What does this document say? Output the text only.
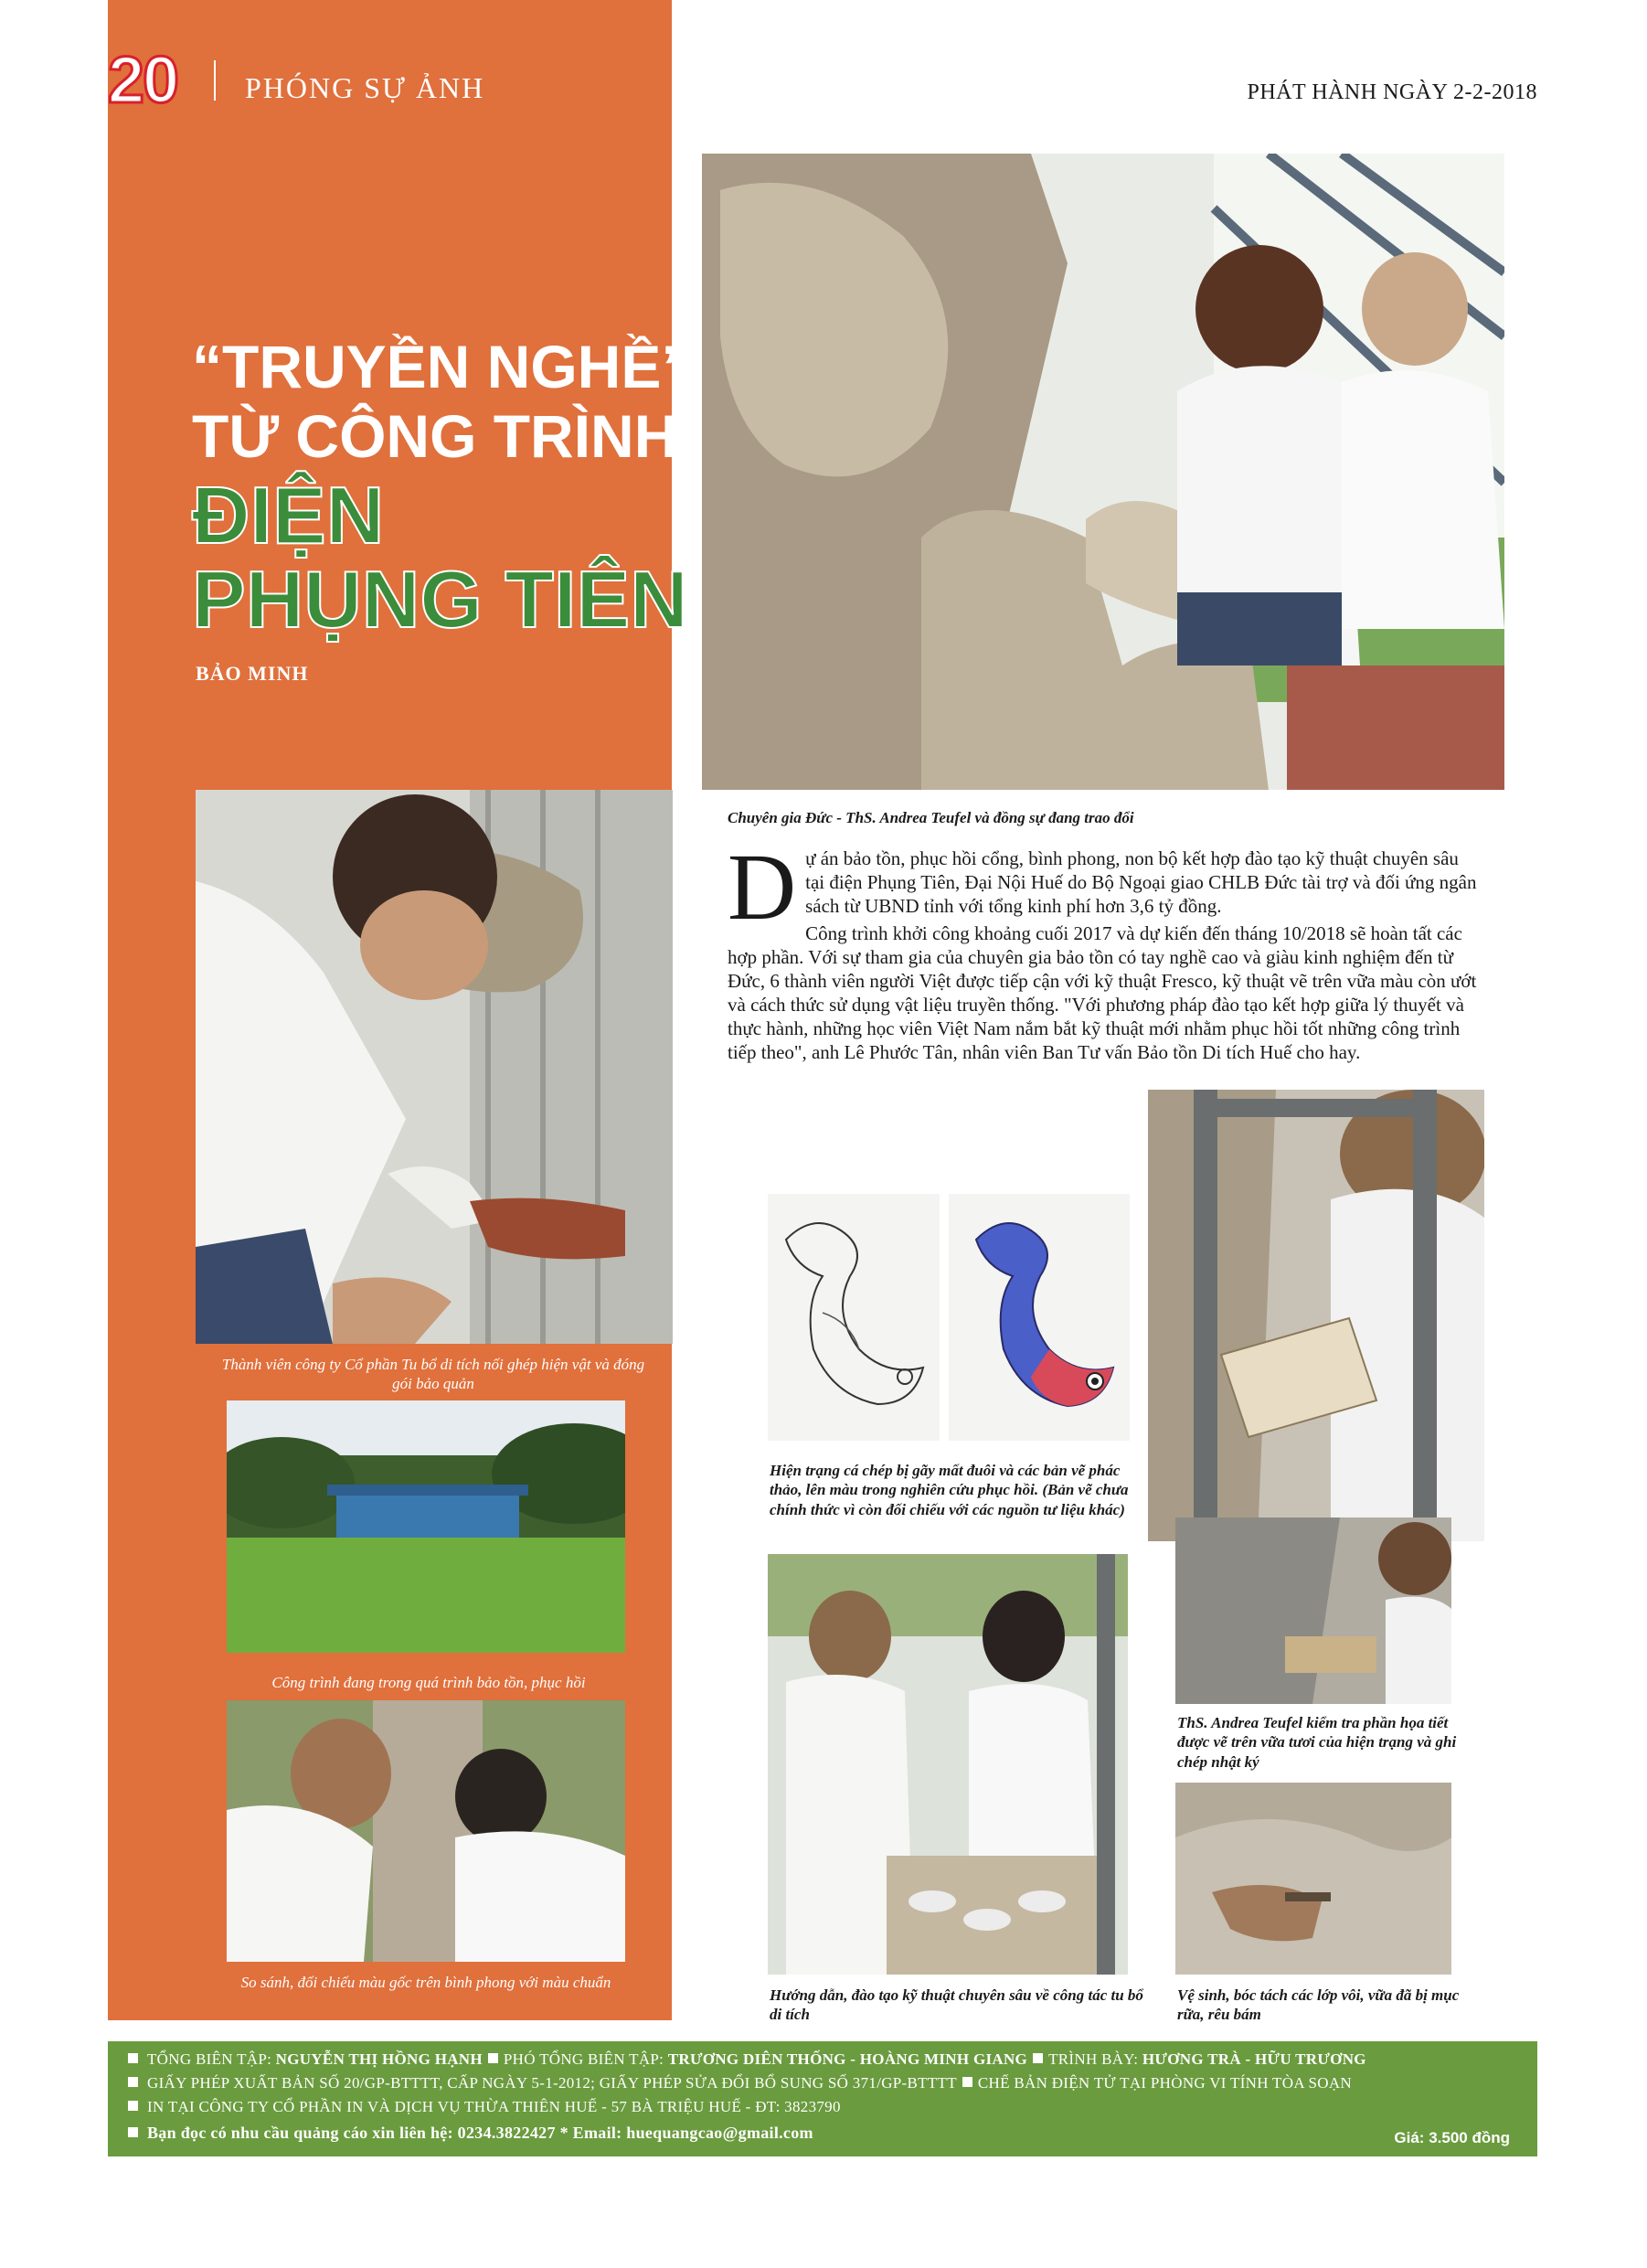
20 PHÓNG SỰ ẢNH	PHÁT HÀNH NGÀY 2-2-2018
“TRUYỀN NGHỀ”
TỪ CÔNG TRÌNH
ĐIỆN
PHỤNG TIÊN
BẢO MINH
Chuyên gia Đức - ThS. Andrea Teufel và đồng sự đang trao đổi

Dự án bảo tồn, phục hồi cổng, bình phong, non bộ kết hợp đào tạo kỹ thuật chuyên sâu tại điện Phụng Tiên, Đại Nội Huế do Bộ Ngoại giao CHLB Đức tài trợ và đối ứng ngân sách từ UBND tỉnh với tổng kinh phí hơn 3,6 tỷ đồng.

Công trình khởi công khoảng cuối 2017 và dự kiến đến tháng 10/2018 sẽ hoàn tất các hợp phần. Với sự tham gia của chuyên gia bảo tồn có tay nghề cao và giàu kinh nghiệm đến từ Đức, 6 thành viên người Việt được tiếp cận với kỹ thuật Fresco, kỹ thuật vẽ trên vữa màu còn ướt và cách thức sử dụng vật liệu truyền thống. "Với phương pháp đào tạo kết hợp giữa lý thuyết và thực hành, những học viên Việt Nam nắm bắt kỹ thuật mới nhằm phục hồi tốt những công trình tiếp theo", anh Lê Phước Tân, nhân viên Ban Tư vấn Bảo tồn Di tích Huế cho hay.

Thành viên công ty Cổ phần Tu bổ di tích nối ghép hiện vật và đóng gói bảo quản
Công trình đang trong quá trình bảo tồn, phục hồi
So sánh, đối chiếu màu gốc trên bình phong với màu chuẩn
Hiện trạng cá chép bị gãy mất đuôi và các bản vẽ phác thảo, lên màu trong nghiên cứu phục hồi. (Bản vẽ chưa chính thức vì còn đối chiếu với các nguồn tư liệu khác)
Hướng dẫn, đào tạo kỹ thuật chuyên sâu về công tác tu bổ di tích
ThS. Andrea Teufel kiểm tra phần họa tiết được vẽ trên vữa tươi của hiện trạng và ghi chép nhật ký
Vệ sinh, bóc tách các lớp vôi, vữa đã bị mục rữa, rêu bám
TỔNG BIÊN TẬP: NGUYỄN THỊ HỒNG HẠNH PHÓ TỔNG BIÊN TẬP: TRƯƠNG DIÊN THỐNG - HOÀNG MINH GIANG TRÌNH BÀY: HƯƠNG TRÀ - HỮU TRƯƠNG
GIẤY PHÉP XUẤT BẢN SỐ 20/GP-BTTTT, CẤP NGÀY 5-1-2012; GIẤY PHÉP SỬA ĐỔI BỔ SUNG SỐ 371/GP-BTTTT CHẾ BẢN ĐIỆN TỬ TẠI PHÒNG VI TÍNH TÒA SOẠN
IN TẠI CÔNG TY CỔ PHẦN IN VÀ DỊCH VỤ THỪA THIÊN HUẾ - 57 BÀ TRIỆU HUẾ - ĐT: 3823790
Bạn đọc có nhu cầu quảng cáo xin liên hệ: 0234.3822427 * Email: huequangcao@gmail.com	Giá: 3.500 đồng
